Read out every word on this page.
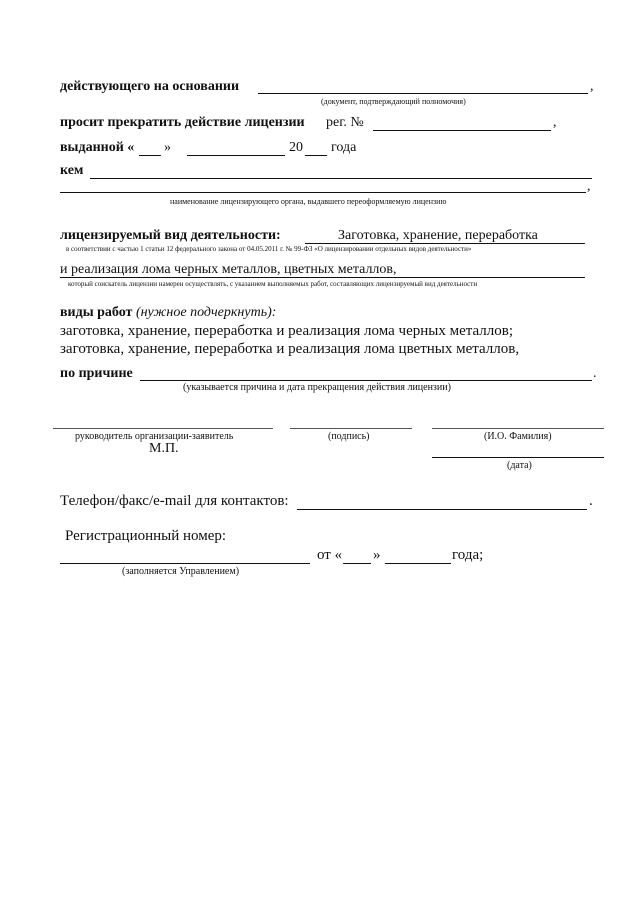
действующего на основании	,
(документ, подтверждающий полномочия)
просит прекратить действие лицензии рег. №	,
выданной « »	20 года
кем
,
наименование лицензирующего органа, выдавшего переоформляемую лицензию
лицензируемый вид деятельности:	Заготовка, хранение, переработка
в соответствии с частью 1 статьи 12 федерального закона от 04.05.2011 г. № 99-ФЗ «О лицензировании отдельных видов деятельности»
и реализация лома черных металлов, цветных металлов,
который соискатель лицензии намерен осуществлять, с указанием выполняемых работ, составляющих лицензируемый вид деятельности
виды работ (нужное подчеркнуть):
заготовка, хранение, переработка и реализация лома черных металлов;
заготовка, хранение, переработка и реализация лома цветных металлов,
по причине	.
(указывается причина и дата прекращения действия лицензии)
руководитель организации-заявитель
М.П.
(подпись)	(И.О. Фамилия)
(дата)
Телефон/факс/e-mail для контактов:	.
Регистрационный номер:
от « »	года;
(заполняется Управлением)
